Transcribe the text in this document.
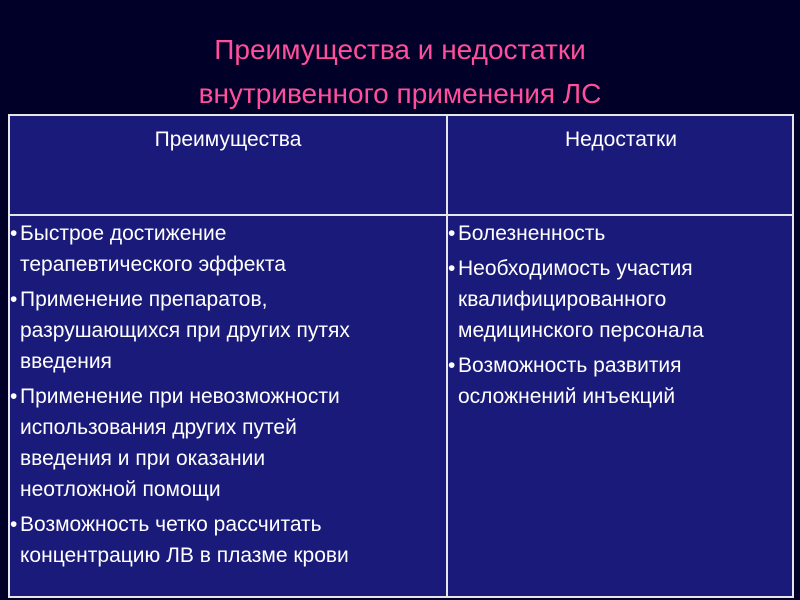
Преимущества и недостатки
внутривенного применения ЛС
Преимущества	Недостатки
• Быстрое достижение
терапевтического эффекта
• Применение препаратов,
разрушающихся при других путях
введения
• Применение при невозможности
использования других путей
введения и при оказании
неотложной помощи
• Возможность четко рассчитать
концентрацию ЛВ в плазме крови
• Болезненность
• Необходимость участия
квалифицированного
медицинского персонала
• Возможность развития
осложнений инъекций
